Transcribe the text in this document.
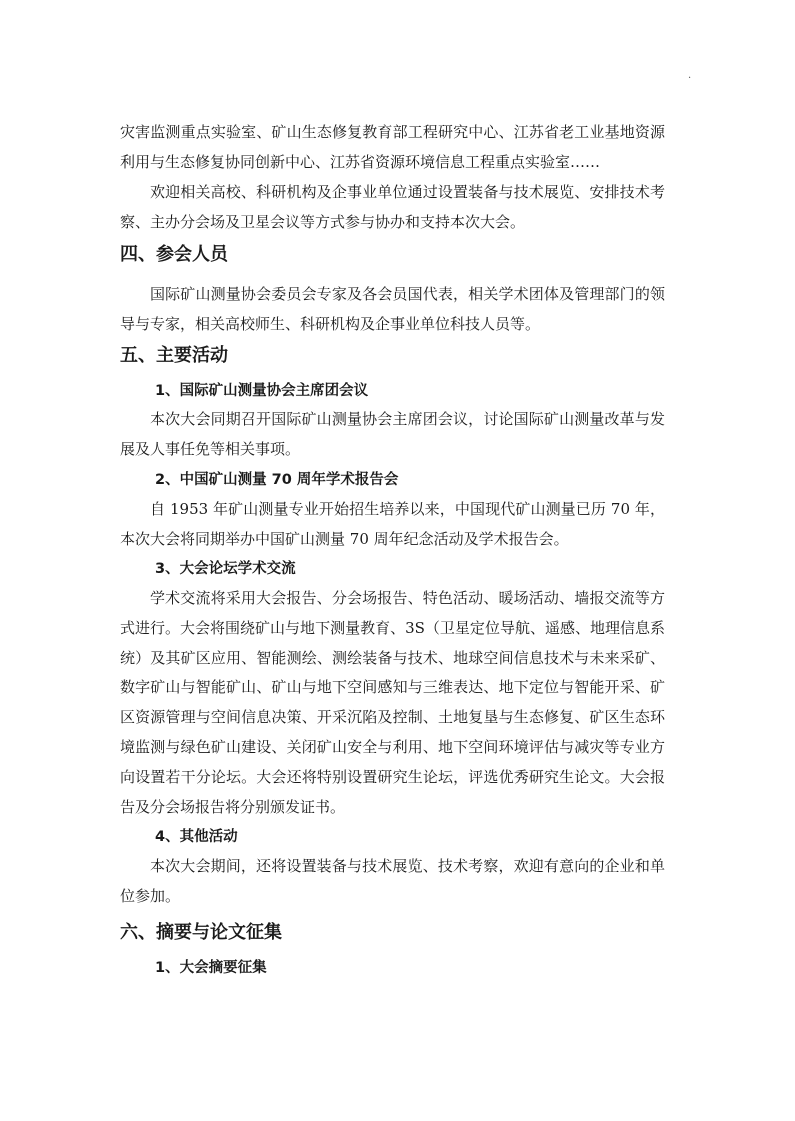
.

灾害监测重点实验室、矿山生态修复教育部工程研究中心、江苏省老工业基地资源利用与生态修复协同创新中心、江苏省资源环境信息工程重点实验室……

欢迎相关高校、科研机构及企事业单位通过设置装备与技术展览、安排技术考察、主办分会场及卫星会议等方式参与协办和支持本次大会。

四、参会人员

国际矿山测量协会委员会专家及各会员国代表，相关学术团体及管理部门的领导与专家，相关高校师生、科研机构及企事业单位科技人员等。

五、主要活动
1、国际矿山测量协会主席团会议

本次大会同期召开国际矿山测量协会主席团会议，讨论国际矿山测量改革与发展及人事任免等相关事项。

2、中国矿山测量 70 周年学术报告会

自 1953 年矿山测量专业开始招生培养以来，中国现代矿山测量已历 70 年，本次大会将同期举办中国矿山测量 70 周年纪念活动及学术报告会。

3、大会论坛学术交流

学术交流将采用大会报告、分会场报告、特色活动、暖场活动、墙报交流等方式进行。大会将围绕矿山与地下测量教育、3S（卫星定位导航、遥感、地理信息系统）及其矿区应用、智能测绘、测绘装备与技术、地球空间信息技术与未来采矿、数字矿山与智能矿山、矿山与地下空间感知与三维表达、地下定位与智能开采、矿区资源管理与空间信息决策、开采沉陷及控制、土地复垦与生态修复、矿区生态环境监测与绿色矿山建设、关闭矿山安全与利用、地下空间环境评估与减灾等专业方向设置若干分论坛。大会还将特别设置研究生论坛，评选优秀研究生论文。大会报告及分会场报告将分别颁发证书。

4、其他活动

本次大会期间，还将设置装备与技术展览、技术考察，欢迎有意向的企业和单位参加。

六、摘要与论文征集
1、大会摘要征集
